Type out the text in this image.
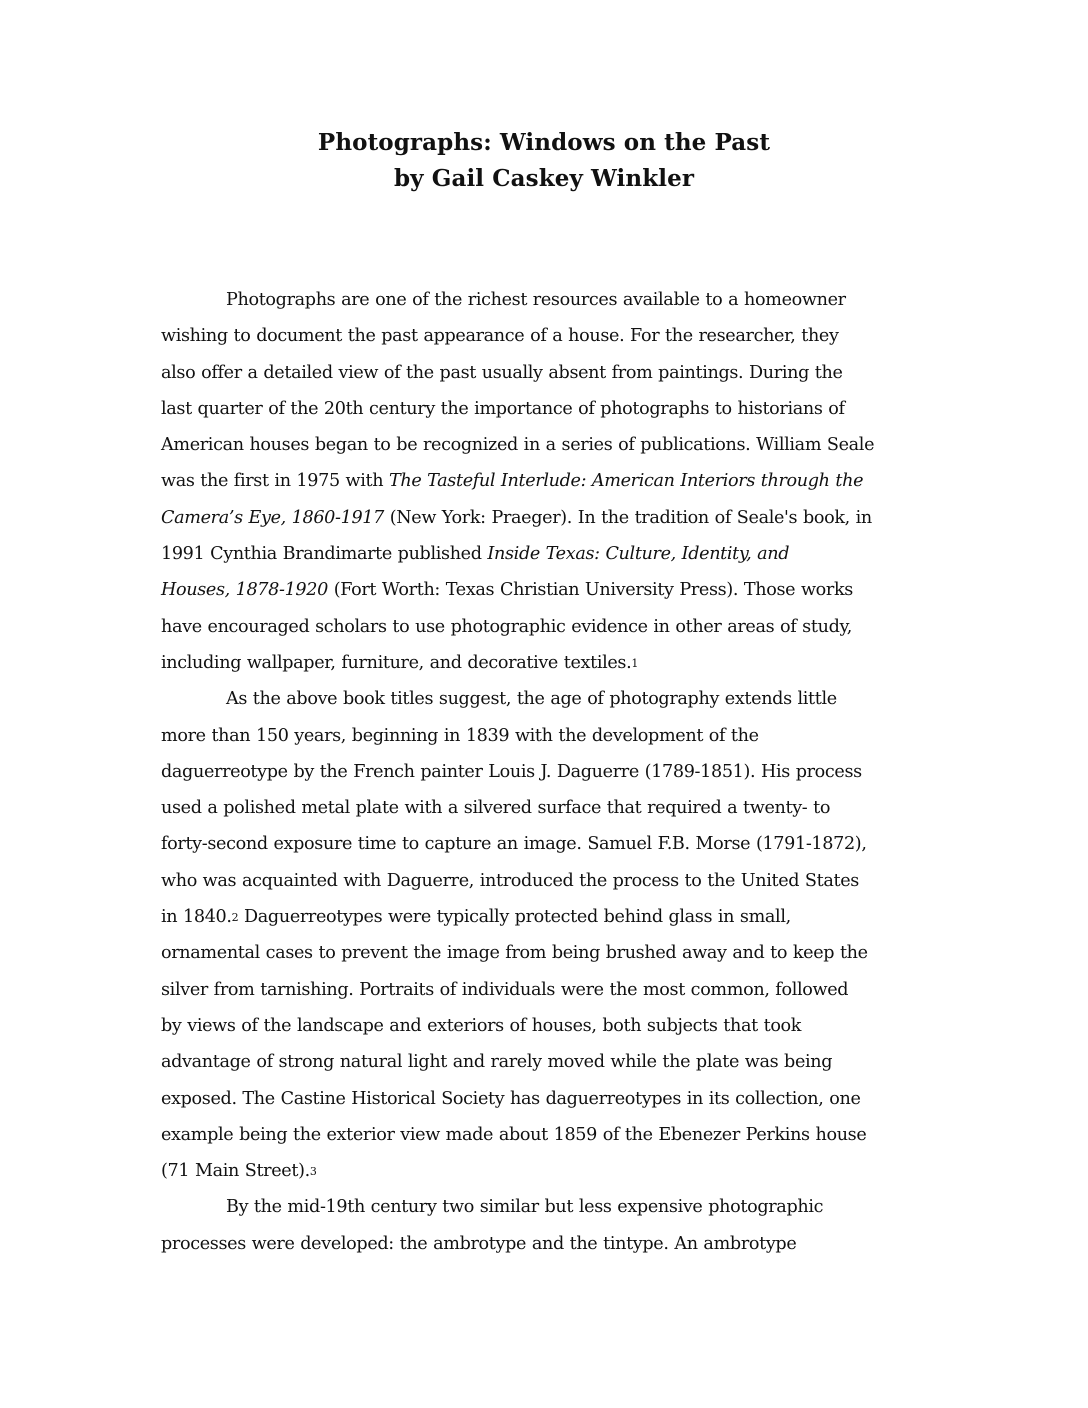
Photographs: Windows on the Past
by Gail Caskey Winkler
Photographs are one of the richest resources available to a homeowner
wishing to document the past appearance of a house. For the researcher, they
also offer a detailed view of the past usually absent from paintings. During the
last quarter of the 20th century the importance of photographs to historians of
American houses began to be recognized in a series of publications. William Seale
was the first in 1975 with The Tasteful Interlude: American Interiors through the
Camera’s Eye, 1860-1917 (New York: Praeger). In the tradition of Seale's book, in
1991 Cynthia Brandimarte published Inside Texas: Culture, Identity, and
Houses, 1878-1920 (Fort Worth: Texas Christian University Press). Those works
have encouraged scholars to use photographic evidence in other areas of study,
including wallpaper, furniture, and decorative textiles.1
As the above book titles suggest, the age of photography extends little
more than 150 years, beginning in 1839 with the development of the
daguerreotype by the French painter Louis J. Daguerre (1789-1851). His process
used a polished metal plate with a silvered surface that required a twenty- to
forty-second exposure time to capture an image. Samuel F.B. Morse (1791-1872),
who was acquainted with Daguerre, introduced the process to the United States
in 1840.2 Daguerreotypes were typically protected behind glass in small,
ornamental cases to prevent the image from being brushed away and to keep the
silver from tarnishing. Portraits of individuals were the most common, followed
by views of the landscape and exteriors of houses, both subjects that took
advantage of strong natural light and rarely moved while the plate was being
exposed. The Castine Historical Society has daguerreotypes in its collection, one
example being the exterior view made about 1859 of the Ebenezer Perkins house
(71 Main Street).3
By the mid-19th century two similar but less expensive photographic
processes were developed: the ambrotype and the tintype. An ambrotype
